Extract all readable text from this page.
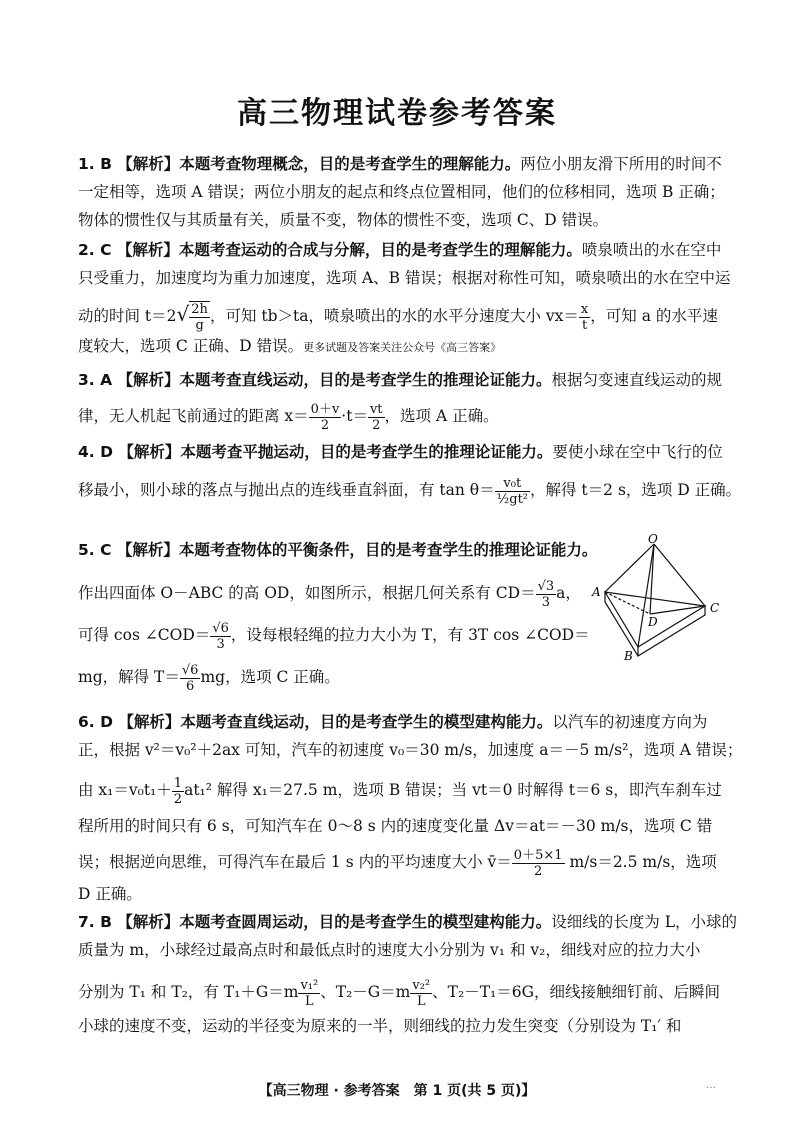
高三物理试卷参考答案
1. B 【解析】本题考查物理概念，目的是考查学生的理解能力。两位小朋友滑下所用的时间不
一定相等，选项 A 错误；两位小朋友的起点和终点位置相同，他们的位移相同，选项 B 正确；
物体的惯性仅与其质量有关，质量不变，物体的惯性不变，选项 C、D 错误。
2. C 【解析】本题考查运动的合成与分解，目的是考查学生的理解能力。喷泉喷出的水在空中
只受重力，加速度均为重力加速度，选项 A、B 错误；根据对称性可知，喷泉喷出的水在空中运
动的时间 $t=2√ \frac{2h}{g}$ ，可知 tb＞ta，喷泉喷出的水的水平分速度大小 $vx= \frac{x}{t}$ ，可知 a 的水平速
度较大，选项 C 正确、D 错误。更多试题及答案关注公众号《高三答案》
3. A 【解析】本题考查直线运动，目的是考查学生的推理论证能力。根据匀变速直线运动的规
律，无人机起飞前通过的距离 $x= \frac{0+v}{2} \cdot t= \frac{vt}{2}$ ，选项 A 正确。
4. D 【解析】本题考查平抛运动，目的是考查学生的推理论证能力。要使小球在空中飞行的位
移最小，则小球的落点与抛出点的连线垂直斜面，有 $\tan \theta= \frac{\text{v₀t}}{\text{½gt²}}$ ，解得 t＝2 s，选项 D 正确。
5. C 【解析】本题考查物体的平衡条件，目的是考查学生的推理论证能力。
作出四面体 O－ABC 的高 OD，如图所示，根据几何关系有 $CD= \frac{√3}{3}$ a，
可得 cos ∠COD＝ $\frac{√6}{3}$ ，设每根轻绳的拉力大小为 T，有 3T cos ∠COD＝
mg，解得 $T= \frac{√6}{6}$ mg，选项 C 正确。
O
A
B
C
D
6. D 【解析】本题考查直线运动，目的是考查学生的模型建构能力。以汽车的初速度方向为
正，根据 v²＝v₀²＋2ax 可知，汽车的初速度 v₀＝30 m/s，加速度 a＝－5 m/s²，选项 A 错误；
由 $x_1=v_0t_1+ \frac{1}{2} at_1^2$ 解得 x₁＝27.5 m，选项 B 错误；当 vt＝0 时解得 t＝6 s，即汽车刹车过
程所用的时间只有 6 s，可知汽车在 0～8 s 内的速度变化量 Δv＝at＝－30 m/s，选项 C 错
误；根据逆向思维，可得汽车在最后 1 s 内的平均速度大小 v̄＝ $\frac{0+5\times 1}{2} m/s=2.5$ m/s，选项
D 正确。
7. B 【解析】本题考查圆周运动，目的是考查学生的模型建构能力。设细线的长度为 L，小球的
质量为 m，小球经过最高点时和最低点时的速度大小分别为 v₁ 和 v₂，细线对应的拉力大小
分别为 T₁ 和 T₂，有 $T_1+G=m \frac{\text{v₁²}}{L}$ 、$T_2-G=m \frac{\text{v₂²}}{L}$ 、T₂－T₁＝6G，细线接触细钉前、后瞬间
小球的速度不变，运动的半径变为原来的一半，则细线的拉力发生突变（分别设为 T₁′ 和
【高三物理 · 参考答案　第 1 页(共 5 页)】	…
